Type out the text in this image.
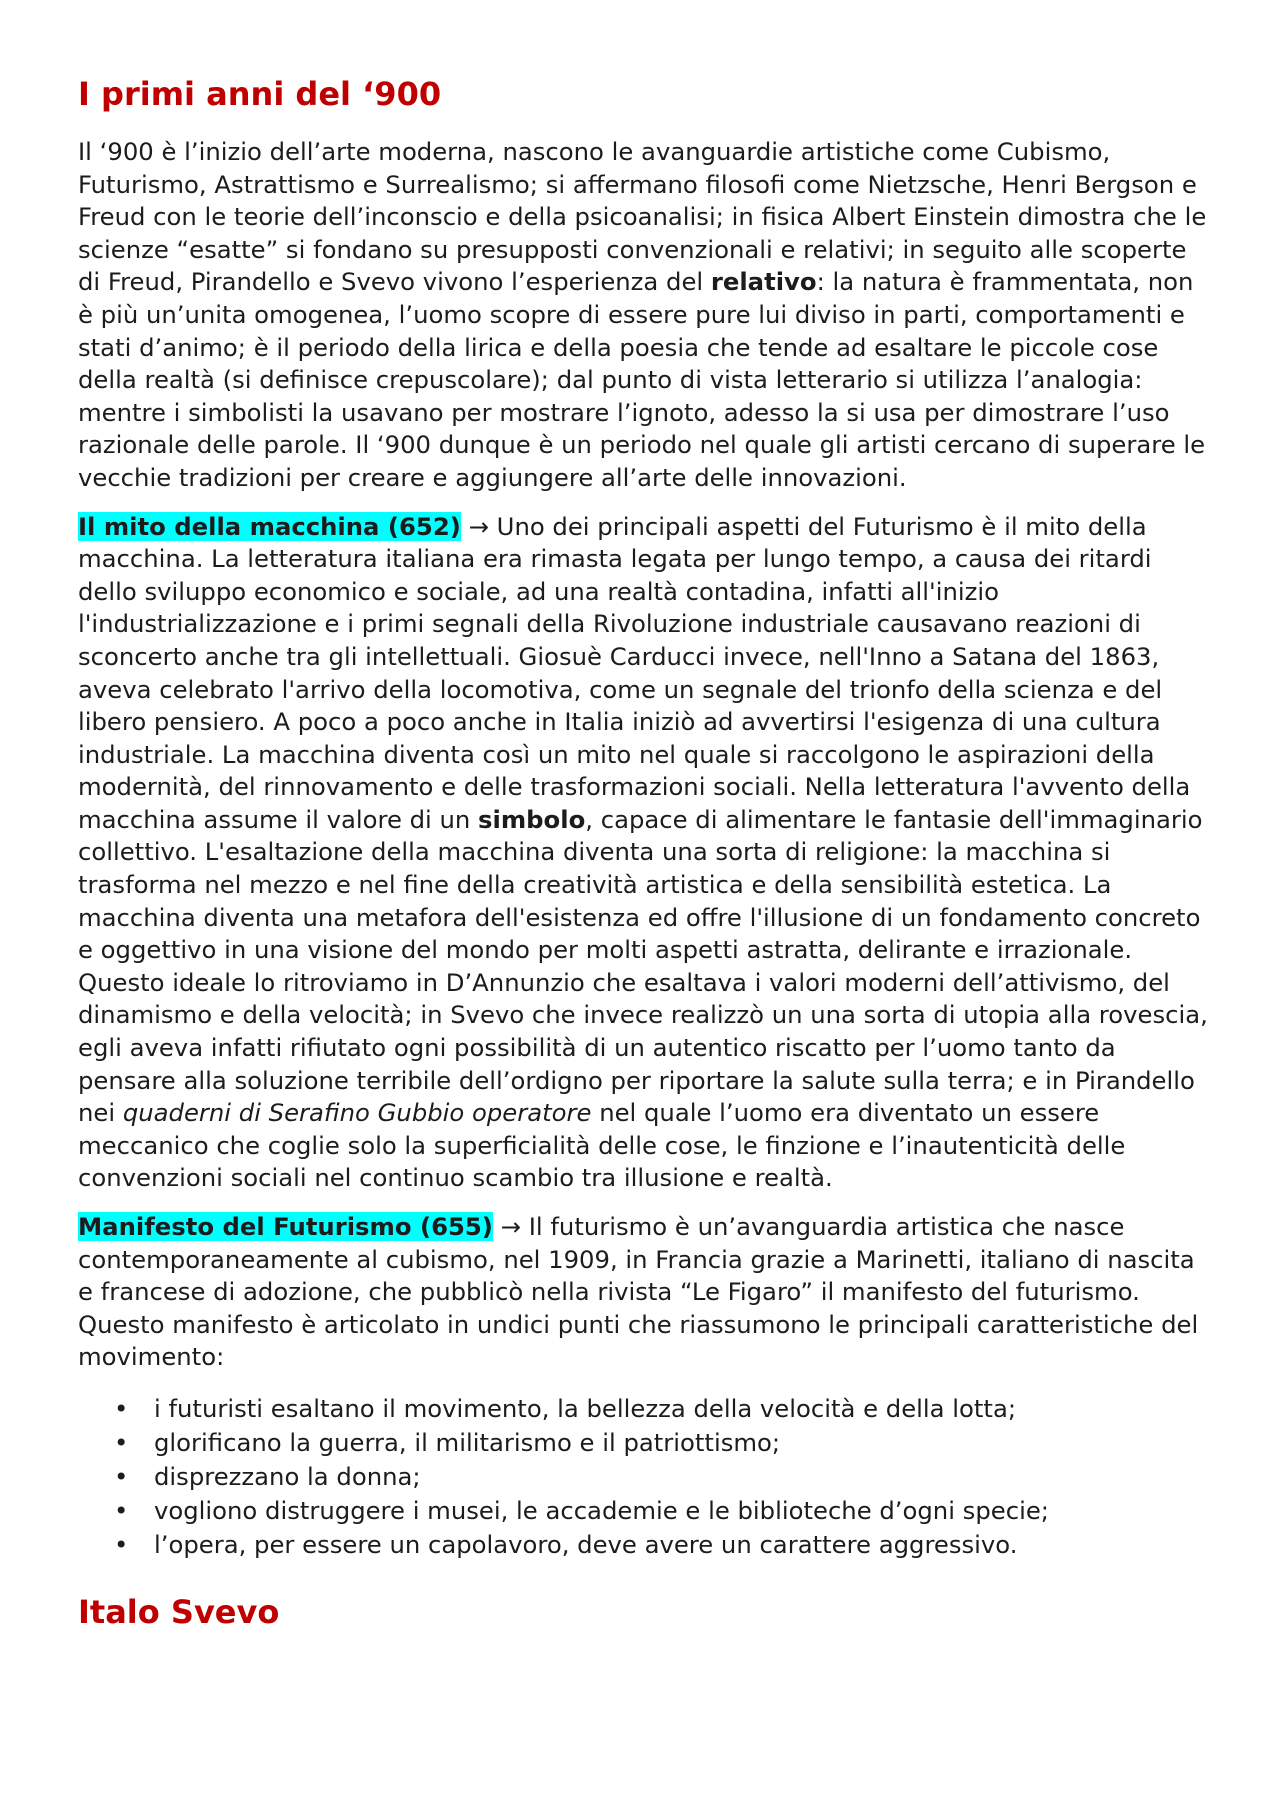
I primi anni del ‘900

Il ‘900 è l’inizio dell’arte moderna, nascono le avanguardie artistiche come Cubismo, Futurismo, Astrattismo e Surrealismo; si affermano filosofi come Nietzsche, Henri Bergson e Freud con le teorie dell’inconscio e della psicoanalisi; in fisica Albert Einstein dimostra che le scienze “esatte” si fondano su presupposti convenzionali e relativi; in seguito alle scoperte di Freud, Pirandello e Svevo vivono l’esperienza del relativo: la natura è frammentata, non è più un’unita omogenea, l’uomo scopre di essere pure lui diviso in parti, comportamenti e stati d’animo; è il periodo della lirica e della poesia che tende ad esaltare le piccole cose della realtà (si definisce crepuscolare); dal punto di vista letterario si utilizza l’analogia: mentre i simbolisti la usavano per mostrare l’ignoto, adesso la si usa per dimostrare l’uso razionale delle parole. Il ‘900 dunque è un periodo nel quale gli artisti cercano di superare le vecchie tradizioni per creare e aggiungere all’arte delle innovazioni.

Il mito della macchina (652) → Uno dei principali aspetti del Futurismo è il mito della macchina. La letteratura italiana era rimasta legata per lungo tempo, a causa dei ritardi dello sviluppo economico e sociale, ad una realtà contadina, infatti all'inizio l'industrializzazione e i primi segnali della Rivoluzione industriale causavano reazioni di sconcerto anche tra gli intellettuali. Giosuè Carducci invece, nell'Inno a Satana del 1863, aveva celebrato l'arrivo della locomotiva, come un segnale del trionfo della scienza e del libero pensiero. A poco a poco anche in Italia iniziò ad avvertirsi l'esigenza di una cultura industriale. La macchina diventa così un mito nel quale si raccolgono le aspirazioni della modernità, del rinnovamento e delle trasformazioni sociali. Nella letteratura l'avvento della macchina assume il valore di un simbolo, capace di alimentare le fantasie dell'immaginario collettivo. L'esaltazione della macchina diventa una sorta di religione: la macchina si trasforma nel mezzo e nel fine della creatività artistica e della sensibilità estetica. La macchina diventa una metafora dell'esistenza ed offre l'illusione di un fondamento concreto e oggettivo in una visione del mondo per molti aspetti astratta, delirante e irrazionale. Questo ideale lo ritroviamo in D’Annunzio che esaltava i valori moderni dell’attivismo, del dinamismo e della velocità; in Svevo che invece realizzò un una sorta di utopia alla rovescia, egli aveva infatti rifiutato ogni possibilità di un autentico riscatto per l’uomo tanto da pensare alla soluzione terribile dell’ordigno per riportare la salute sulla terra; e in Pirandello nei quaderni di Serafino Gubbio operatore nel quale l’uomo era diventato un essere meccanico che coglie solo la superficialità delle cose, le finzione e l’inautenticità delle convenzioni sociali nel continuo scambio tra illusione e realtà.

Manifesto del Futurismo (655) → Il futurismo è un’avanguardia artistica che nasce contemporaneamente al cubismo, nel 1909, in Francia grazie a Marinetti, italiano di nascita e francese di adozione, che pubblicò nella rivista “Le Figaro” il manifesto del futurismo. Questo manifesto è articolato in undici punti che riassumono le principali caratteristiche del movimento:

• i futuristi esaltano il movimento, la bellezza della velocità e della lotta;
• glorificano la guerra, il militarismo e il patriottismo;
• disprezzano la donna;
• vogliono distruggere i musei, le accademie e le biblioteche d’ogni specie;
• l’opera, per essere un capolavoro, deve avere un carattere aggressivo.
Italo Svevo
